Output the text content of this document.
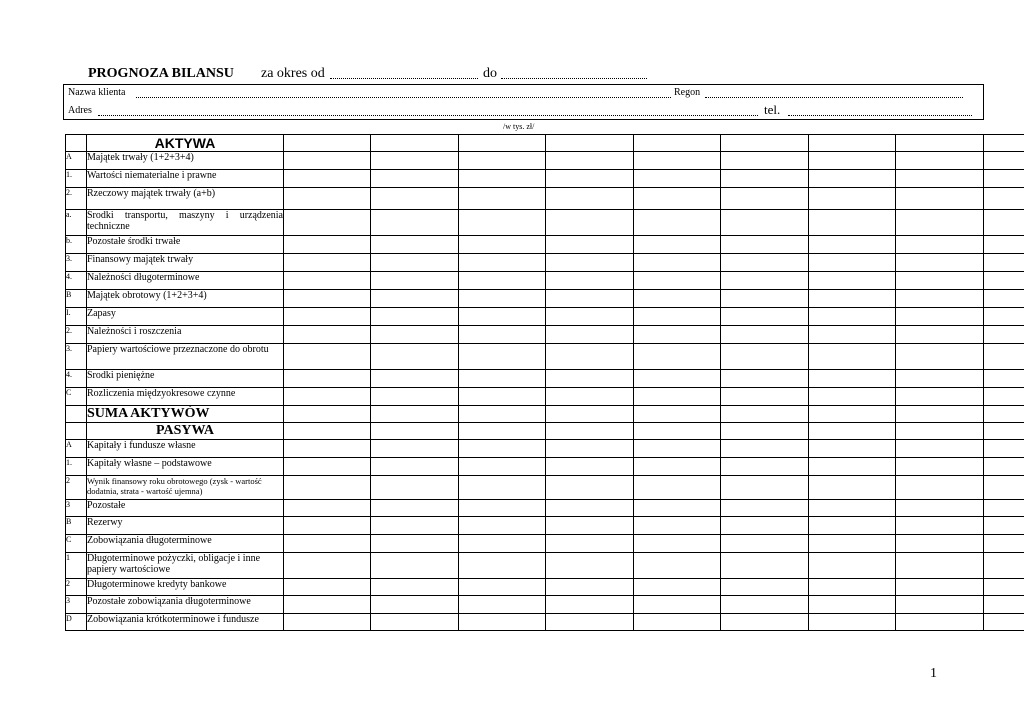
PROGNOZA BILANSU za okres od	do
Nazwa klienta	Regon
Adres	tel.
/w tys. zł/
	AKTYWA													
A	Majątek trwały (1+2+3+4)													
1.	Wartości niematerialne i prawne													
2.	Rzeczowy majątek trwały (a+b)													
a.	Środki transportu, maszyny i urządzenia techniczne													
b.	Pozostałe środki trwałe													
3.	Finansowy majątek trwały													
4.	Należności długoterminowe													
B	Majątek obrotowy (1+2+3+4)													
I.	Zapasy													
2.	Należności i roszczenia													
3.	Papiery wartościowe przeznaczone do obrotu													
4.	Środki pieniężne													
C	Rozliczenia międzyokresowe czynne													
	SUMA AKTYWÓW													
	PASYWA													
A	Kapitały i fundusze własne													
1.	Kapitały własne – podstawowe													
2	Wynik finansowy roku obrotowego (zysk - wartość dodatnia, strata - wartość ujemna)													
3	Pozostałe													
B	Rezerwy													
C	Zobowiązania długoterminowe													
1	Długoterminowe pożyczki, obligacje i inne papiery wartościowe													
2	Długoterminowe kredyty bankowe													
3	Pozostałe zobowiązania długoterminowe													
D	Zobowiązania krótkoterminowe i fundusze													
1
